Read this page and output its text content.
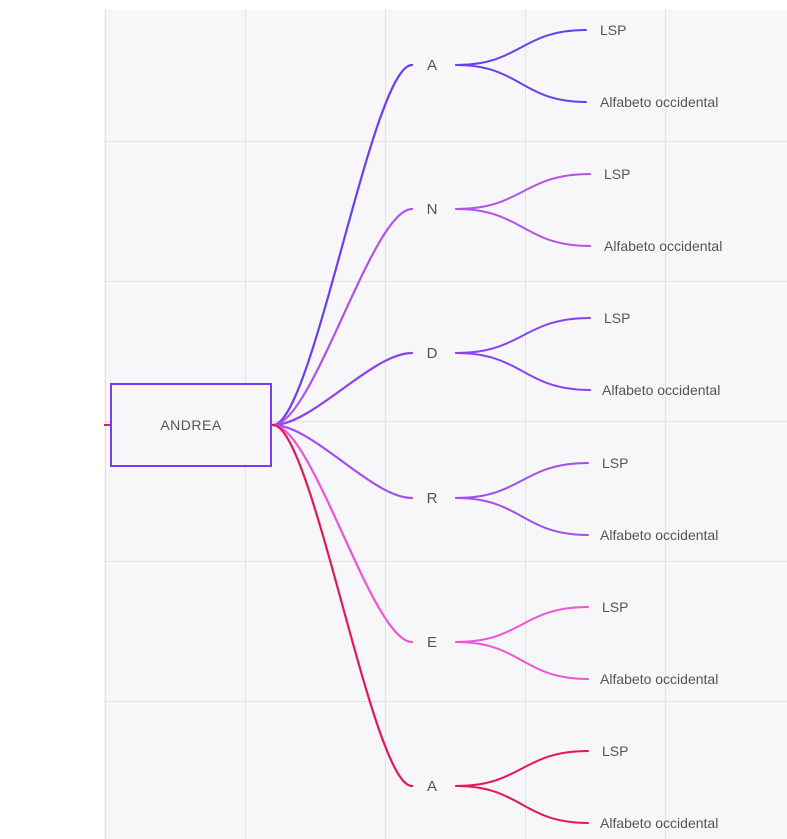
ANDREA
A
N
D
R
E
A
LSP
Alfabeto occidental
LSP
Alfabeto occidental
LSP
Alfabeto occidental
LSP
Alfabeto occidental
LSP
Alfabeto occidental
LSP
Alfabeto occidental
